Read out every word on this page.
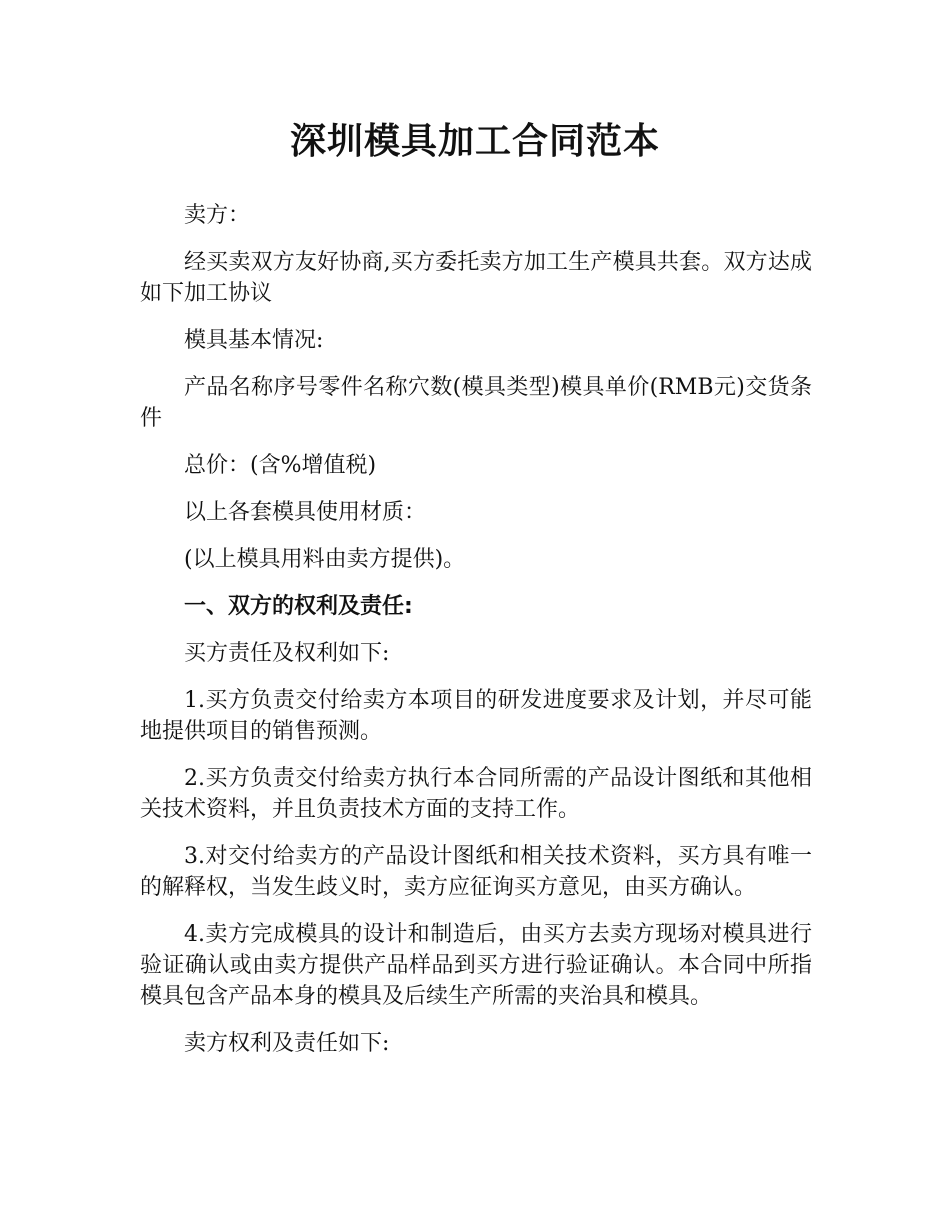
深圳模具加工合同范本

卖方：

经买卖双方友好协商,买方委托卖方加工生产模具共套。双方达成如下加工协议

模具基本情况:

产品名称序号零件名称穴数(模具类型)模具单价(RMB元)交货条件

总价：(含%增值税)

以上各套模具使用材质：

(以上模具用料由卖方提供)。

一、双方的权利及责任:

买方责任及权利如下:

1.买方负责交付给卖方本项目的研发进度要求及计划，并尽可能地提供项目的销售预测。

2.买方负责交付给卖方执行本合同所需的产品设计图纸和其他相关技术资料，并且负责技术方面的支持工作。

3.对交付给卖方的产品设计图纸和相关技术资料，买方具有唯一的解释权，当发生歧义时，卖方应征询买方意见，由买方确认。

4.卖方完成模具的设计和制造后，由买方去卖方现场对模具进行验证确认或由卖方提供产品样品到买方进行验证确认。本合同中所指模具包含产品本身的模具及后续生产所需的夹治具和模具。

卖方权利及责任如下:
